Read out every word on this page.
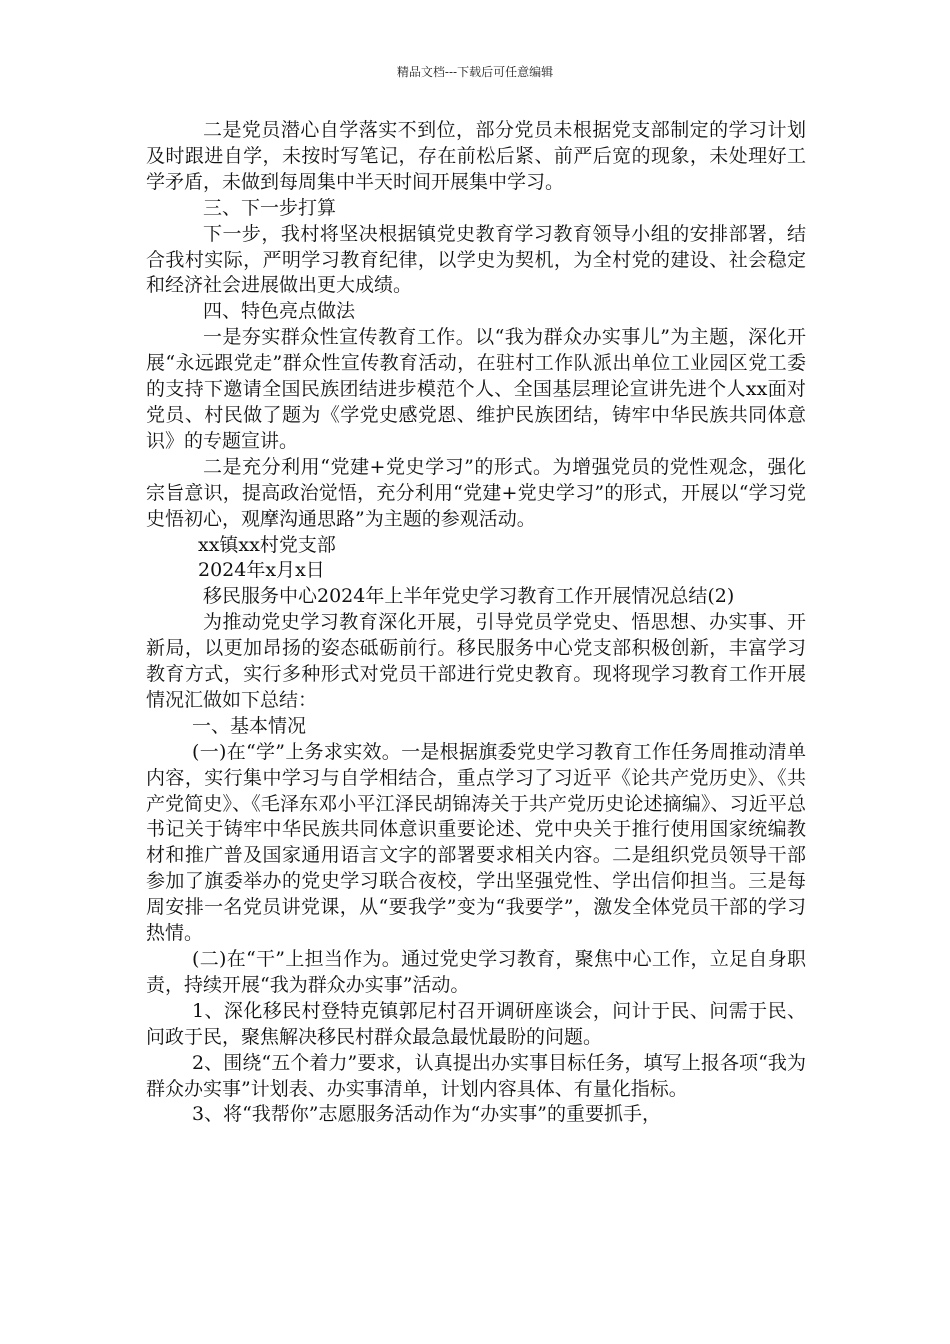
精品文档---下载后可任意编辑

二是党员潜心自学落实不到位，部分党员未根据党支部制定的学习计划及时跟进自学，未按时写笔记，存在前松后紧、前严后宽的现象，未处理好工学矛盾，未做到每周集中半天时间开展集中学习。

三、下一步打算

下一步，我村将坚决根据镇党史教育学习教育领导小组的安排部署，结合我村实际，严明学习教育纪律，以学史为契机，为全村党的建设、社会稳定和经济社会进展做出更大成绩。

四、特色亮点做法

一是夯实群众性宣传教育工作。以“我为群众办实事儿”为主题，深化开展“永远跟党走”群众性宣传教育活动，在驻村工作队派出单位工业园区党工委的支持下邀请全国民族团结进步模范个人、全国基层理论宣讲先进个人xx面对党员、村民做了题为《学党史感党恩、维护民族团结，铸牢中华民族共同体意识》的专题宣讲。

二是充分利用“党建+党史学习”的形式。为增强党员的党性观念，强化宗旨意识，提高政治觉悟，充分利用“党建+党史学习”的形式，开展以“学习党史悟初心，观摩沟通思路”为主题的参观活动。

xx镇xx村党支部

2024年x月x日

移民服务中心2024年上半年党史学习教育工作开展情况总结(2)

为推动党史学习教育深化开展，引导党员学党史、悟思想、办实事、开新局，以更加昂扬的姿态砥砺前行。移民服务中心党支部积极创新，丰富学习教育方式，实行多种形式对党员干部进行党史教育。现将现学习教育工作开展情况汇做如下总结：

一、基本情况

(一)在“学”上务求实效。一是根据旗委党史学习教育工作任务周推动清单内容，实行集中学习与自学相结合，重点学习了习近平《论共产党历史》、《共产党简史》、《毛泽东邓小平江泽民胡锦涛关于共产党历史论述摘编》、习近平总书记关于铸牢中华民族共同体意识重要论述、党中央关于推行使用国家统编教材和推广普及国家通用语言文字的部署要求相关内容。二是组织党员领导干部参加了旗委举办的党史学习联合夜校，学出坚强党性、学出信仰担当。三是每周安排一名党员讲党课，从“要我学”变为“我要学”，激发全体党员干部的学习热情。

(二)在“干”上担当作为。通过党史学习教育，聚焦中心工作，立足自身职责，持续开展“我为群众办实事”活动。

1、深化移民村登特克镇郭尼村召开调研座谈会，问计于民、问需于民、问政于民，聚焦解决移民村群众最急最忧最盼的问题。

2、围绕“五个着力”要求，认真提出办实事目标任务，填写上报各项“我为群众办实事”计划表、办实事清单，计划内容具体、有量化指标。

3、将“我帮你”志愿服务活动作为“办实事”的重要抓手，
